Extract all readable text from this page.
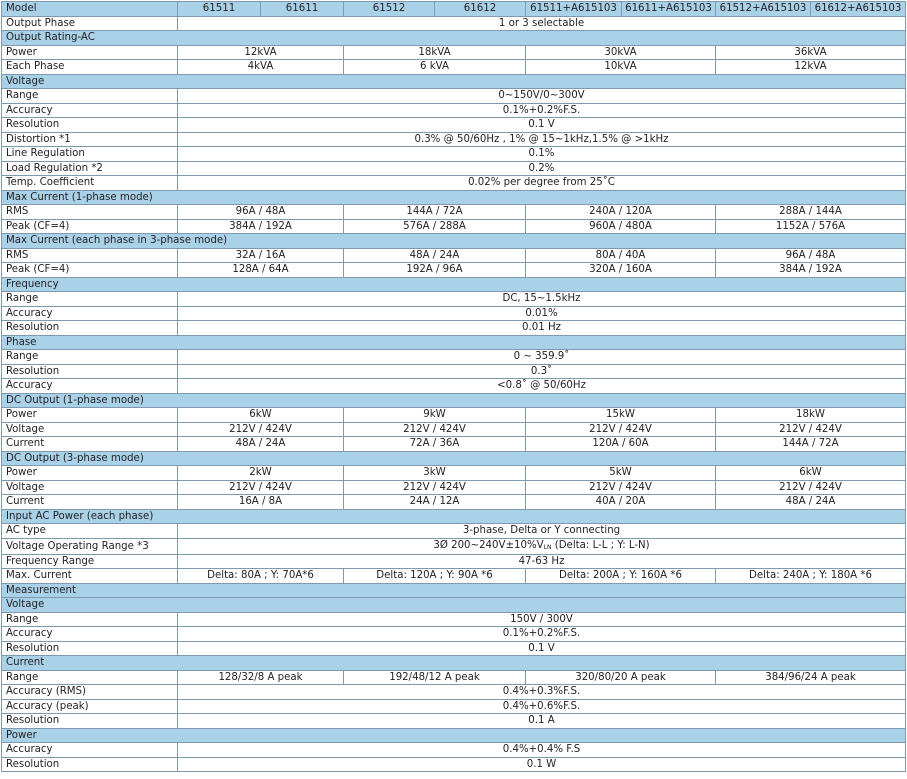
Model	61511	61611	61512	61612	61511+A615103	61611+A615103	61512+A615103	61612+A615103
Output Phase	1 or 3 selectable							
Output Rating-AC								
Power	12kVA		18kVA		30kVA		36kVA	
Each Phase	4kVA		6 kVA		10kVA		12kVA	
Voltage								
Range	0~150V/0~300V							
Accuracy	0.1%+0.2%F.S.							
Resolution	0.1 V							
Distortion *1	0.3% @ 50/60Hz , 1% @ 15~1kHz,1.5% @ >1kHz							
Line Regulation	0.1%							
Load Regulation *2	0.2%							
Temp. Coefficient	0.02% per degree from 25˚C							
Max Current (1-phase mode)								
RMS	96A / 48A		144A / 72A		240A / 120A		288A / 144A	
Peak (CF=4)	384A / 192A		576A / 288A		960A / 480A		1152A / 576A	
Max Current (each phase in 3-phase mode)								
RMS	32A / 16A		48A / 24A		80A / 40A		96A / 48A	
Peak (CF=4)	128A / 64A		192A / 96A		320A / 160A		384A / 192A	
Frequency								
Range	DC, 15~1.5kHz							
Accuracy	0.01%							
Resolution	0.01 Hz							
Phase								
Range	0 ~ 359.9˚							
Resolution	0.3˚							
Accuracy	<0.8˚ @ 50/60Hz							
DC Output (1-phase mode)								
Power	6kW		9kW		15kW		18kW	
Voltage	212V / 424V		212V / 424V		212V / 424V		212V / 424V	
Current	48A / 24A		72A / 36A		120A / 60A		144A / 72A	
DC Output (3-phase mode)								
Power	2kW		3kW		5kW		6kW	
Voltage	212V / 424V		212V / 424V		212V / 424V		212V / 424V	
Current	16A / 8A		24A / 12A		40A / 20A		48A / 24A	
Input AC Power (each phase)								
AC type	3-phase, Delta or Y connecting							
Voltage Operating Range *3	3Ø $200\sim 240V\pm 10\%V_{LN}$ (Delta: L-L ; Y: L-N)							
Frequency Range	47-63 Hz							
Max. Current	Delta: 80A ; Y: 70A*6		Delta: 120A ; Y: 90A *6		Delta: 200A ; Y: 160A *6		Delta: 240A ; Y: 180A *6	
Measurement								
Voltage								
Range	150V / 300V							
Accuracy	0.1%+0.2%F.S.							
Resolution	0.1 V							
Current								
Range	128/32/8 A peak		192/48/12 A peak		320/80/20 A peak		384/96/24 A peak	
Accuracy (RMS)	0.4%+0.3%F.S.							
Accuracy (peak)	0.4%+0.6%F.S.							
Resolution	0.1 A							
Power								
Accuracy	0.4%+0.4% F.S							
Resolution	0.1 W							
